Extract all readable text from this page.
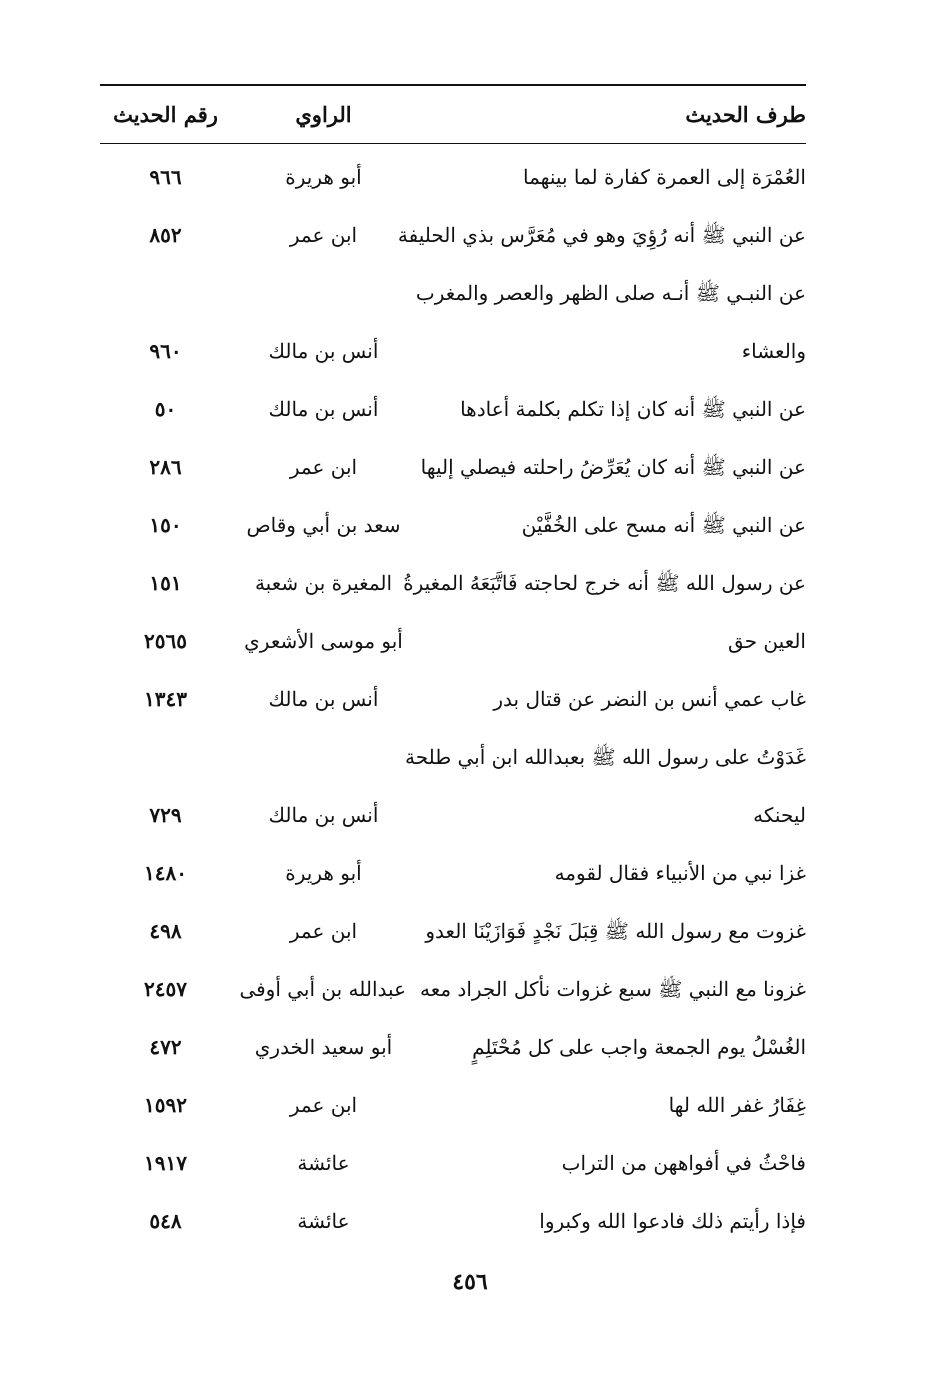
طرف الحديث
الراوي
رقم الحديث
العُمْرَة إلى العمرة كفارة لما بينهما
أبو هريرة
٩٦٦
عن النبي ﷺ أنه رُؤِيَ وهو في مُعَرَّس بذي الحليفة
ابن عمر
٨٥٢
عن النبـي ﷺ أنـه صلى الظهر والعصر والمغرب
والعشاء
أنس بن مالك
٩٦٠
عن النبي ﷺ أنه كان إذا تكلم بكلمة أعادها
أنس بن مالك
٥٠
عن النبي ﷺ أنه كان يُعَرِّضُ راحلته فيصلي إليها
ابن عمر
٢٨٦
عن النبي ﷺ أنه مسح على الخُفَّيْن
سعد بن أبي وقاص
١٥٠
عن رسول الله ﷺ أنه خرج لحاجته فَاتَّبَعَهُ المغيرةُ
المغيرة بن شعبة
١٥١
العين حق
أبو موسى الأشعري
٢٥٦٥
غاب عمي أنس بن النضر عن قتال بدر
أنس بن مالك
١٣٤٣
غَدَوْتُ على رسول الله ﷺ بعبدالله ابن أبي طلحة
ليحنكه
أنس بن مالك
٧٢٩
غزا نبي من الأنبياء فقال لقومه
أبو هريرة
١٤٨٠
غزوت مع رسول الله ﷺ قِبَلَ نَجْدٍ فَوَازَيْنَا العدو
ابن عمر
٤٩٨
غزونا مع النبي ﷺ سبع غزوات نأكل الجراد معه
عبدالله بن أبي أوفى
٢٤٥٧
الغُسْلُ يوم الجمعة واجب على كل مُحْتَلِمٍ
أبو سعيد الخدري
٤٧٢
غِفَارُ غفر الله لها
ابن عمر
١٥٩٢
فاحْثُ في أفواههن من التراب
عائشة
١٩١٧
فإذا رأيتم ذلك فادعوا الله وكبروا
عائشة
٥٤٨
٤٥٦
